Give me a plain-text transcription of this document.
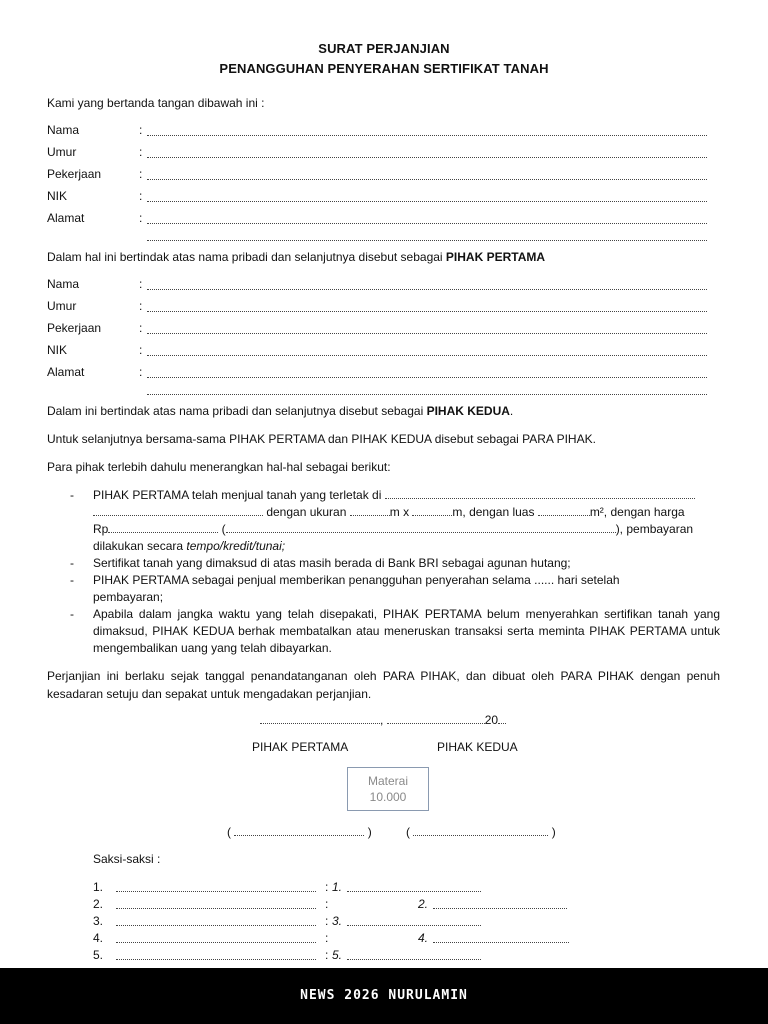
SURAT PERJANJIAN
PENANGGUHAN PENYERAHAN SERTIFIKAT TANAH
Kami yang bertanda tangan dibawah ini :
Nama	:
Umur	:
Pekerjaan	:
NIK	:
Alamat	:
Dalam hal ini bertindak atas nama pribadi dan selanjutnya disebut sebagai PIHAK PERTAMA
Nama	:
Umur	:
Pekerjaan	:
NIK	:
Alamat	:
Dalam ini bertindak atas nama pribadi dan selanjutnya disebut sebagai PIHAK KEDUA.
Untuk selanjutnya bersama-sama PIHAK PERTAMA dan PIHAK KEDUA disebut sebagai PARA PIHAK.
Para pihak terlebih dahulu menerangkan hal-hal sebagai berikut:
- PIHAK PERTAMA telah menjual tanah yang terletak di
dengan ukuran	m x	m, dengan luas	m², dengan harga
Rp	(	), pembayaran
dilakukan secara tempo/kredit/tunai;
- Sertifikat tanah yang dimaksud di atas masih berada di Bank BRI sebagai agunan hutang;
- PIHAK PERTAMA sebagai penjual memberikan penangguhan penyerahan selama ...... hari setelah
pembayaran;
- Apabila dalam jangka waktu yang telah disepakati, PIHAK PERTAMA belum menyerahkan sertifikan tanah yang dimaksud, PIHAK KEDUA berhak membatalkan atau meneruskan transaksi serta meminta PIHAK PERTAMA untuk mengembalikan uang yang telah dibayarkan.
Perjanjian ini berlaku sejak tanggal penandatanganan oleh PARA PIHAK, dan dibuat oleh PARA PIHAK dengan penuh kesadaran setuju dan sepakat untuk mengadakan perjanjian.
,	20
PIHAK PERTAMA	PIHAK KEDUA
Materai
10.000
(	)	(	)
Saksi-saksi :
1.	: 1.
2.	:	2.
3.	: 3.
4.	:	4.
5.	: 5.
NEWS 2026 NURULAMIN
